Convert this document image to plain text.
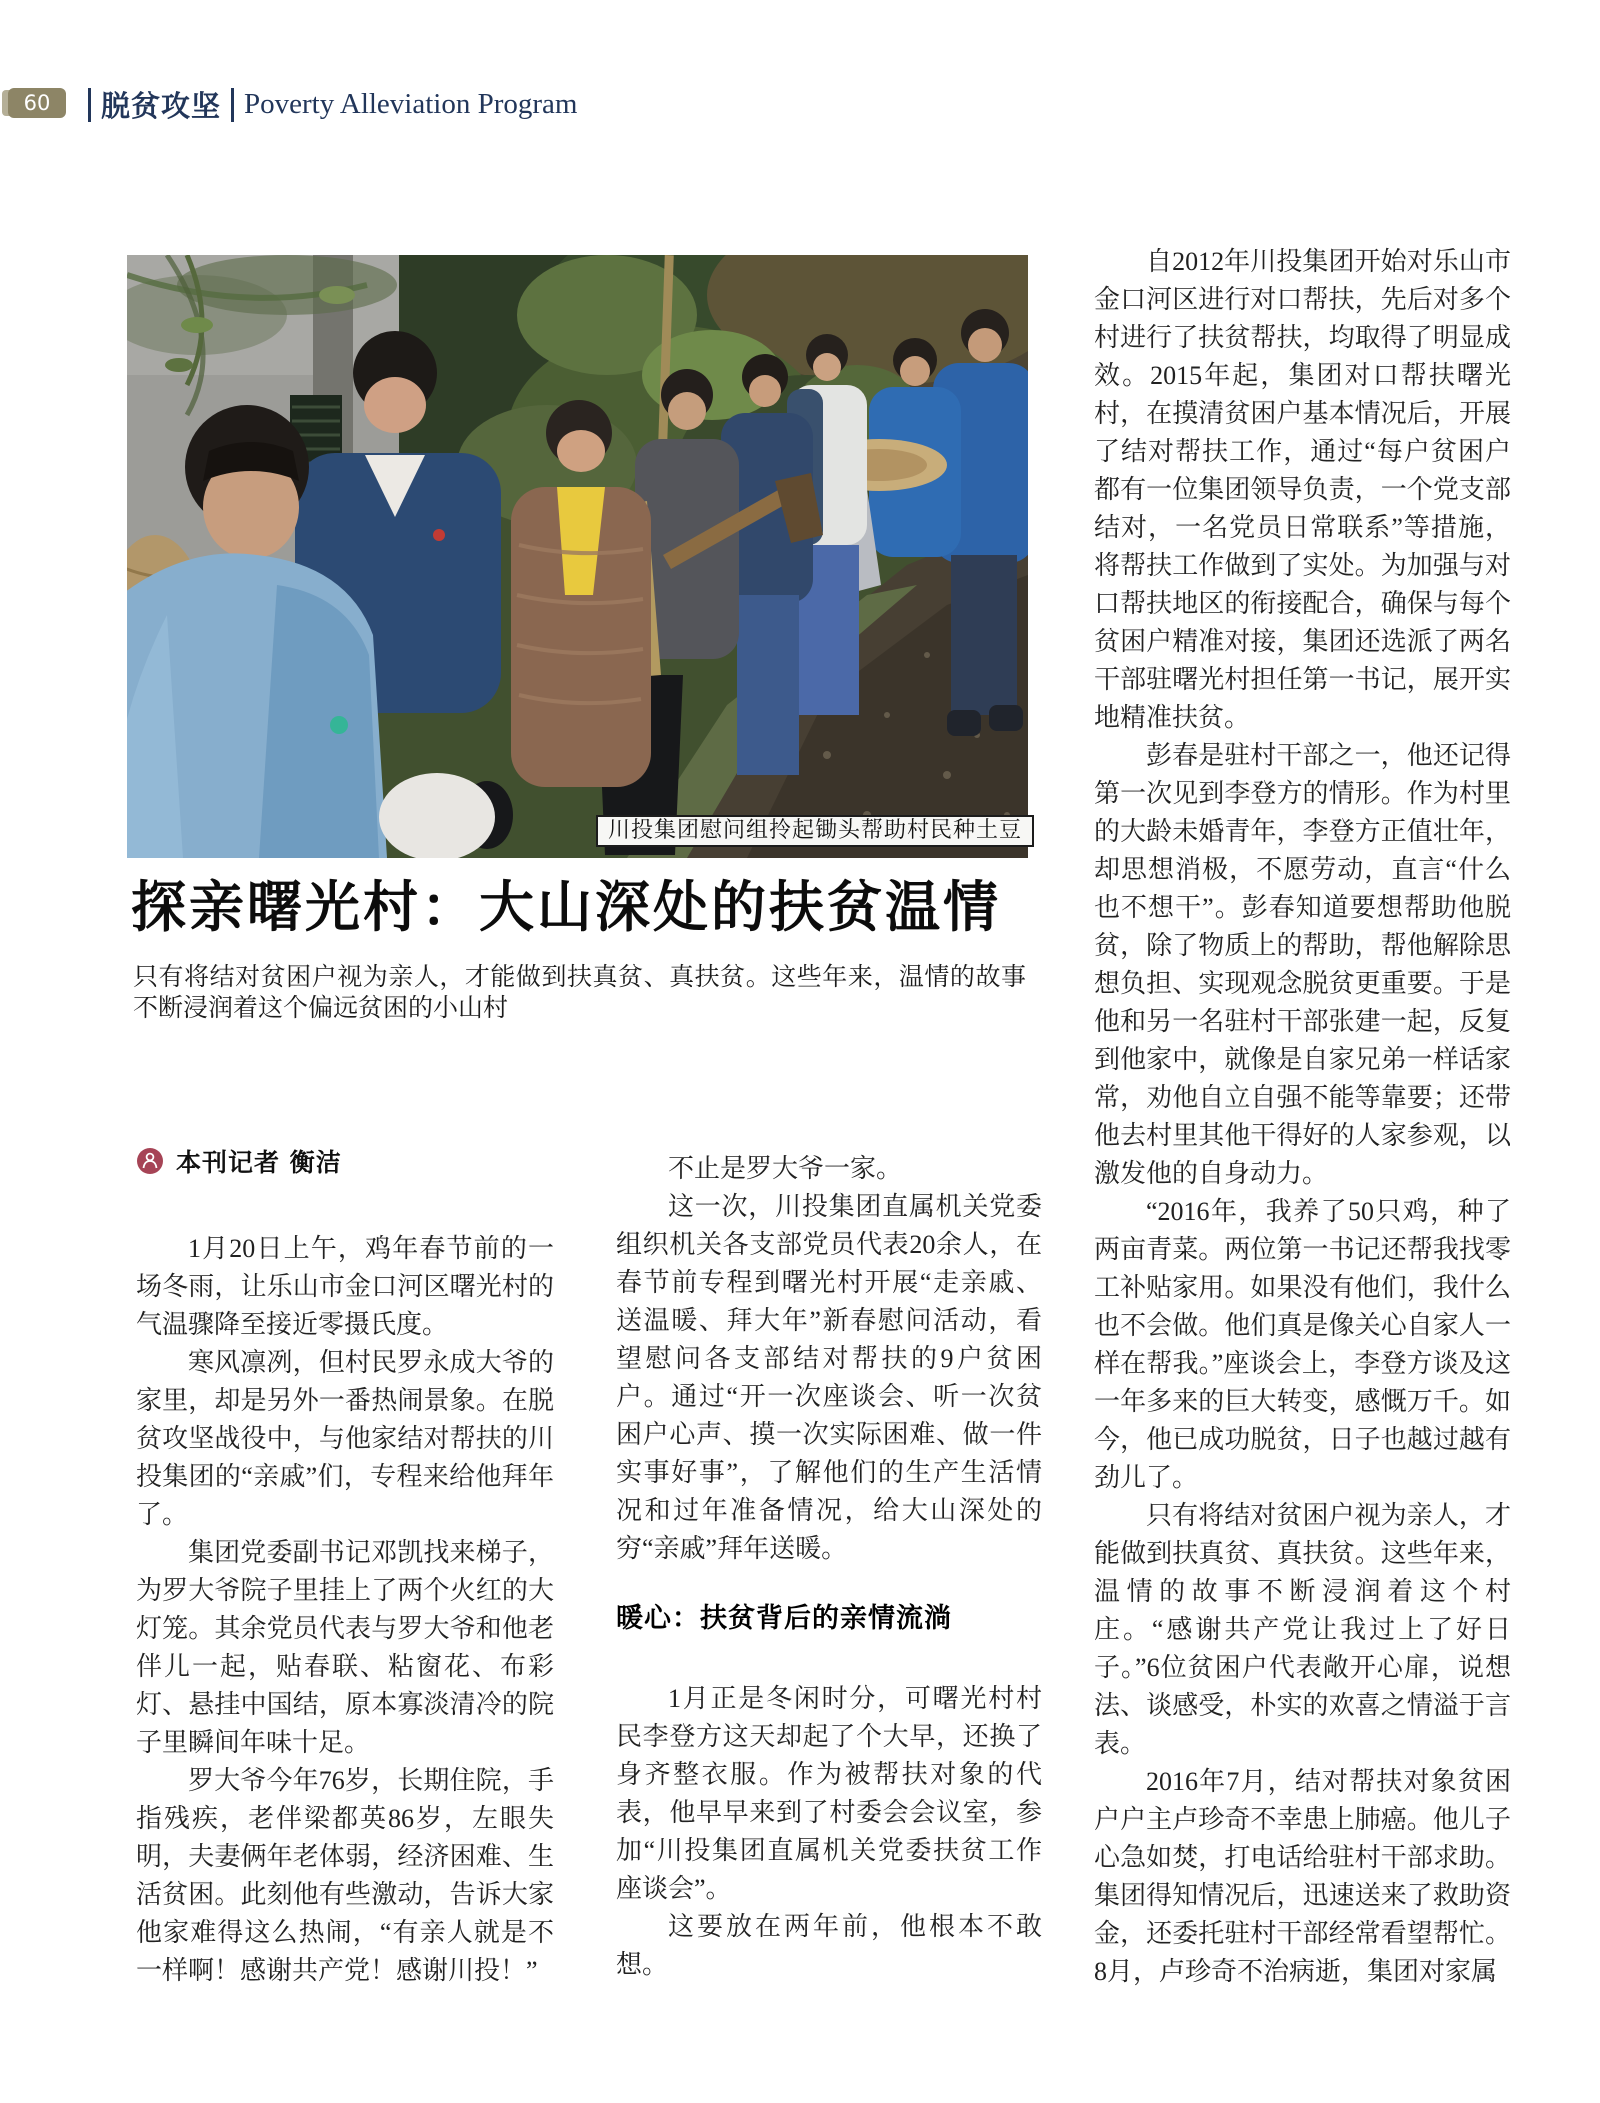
60	脱贫攻坚 Poverty Alleviation Program
川投集团慰问组拎起锄头帮助村民种土豆
探亲曙光村：大山深处的扶贫温情
只有将结对贫困户视为亲人，才能做到扶真贫、真扶贫。这些年来，温情的故事不断浸润着这个偏远贫困的小山村
本刊记者 衡洁

1月20日上午，鸡年春节前的一场冬雨，让乐山市金口河区曙光村的气温骤降至接近零摄氏度。

寒风凛冽，但村民罗永成大爷的家里，却是另外一番热闹景象。在脱贫攻坚战役中，与他家结对帮扶的川投集团的“亲戚”们，专程来给他拜年了。

集团党委副书记邓凯找来梯子，为罗大爷院子里挂上了两个火红的大灯笼。其余党员代表与罗大爷和他老伴儿一起，贴春联、粘窗花、布彩灯、悬挂中国结，原本寡淡清冷的院子里瞬间年味十足。

罗大爷今年76岁，长期住院，手指残疾，老伴梁都英86岁，左眼失明，夫妻俩年老体弱，经济困难、生活贫困。此刻他有些激动，告诉大家他家难得这么热闹，“有亲人就是不一样啊！感谢共产党！感谢川投！”

不止是罗大爷一家。

这一次，川投集团直属机关党委组织机关各支部党员代表20余人，在春节前专程到曙光村开展“走亲戚、送温暖、拜大年”新春慰问活动，看望慰问各支部结对帮扶的9户贫困户。通过“开一次座谈会、听一次贫困户心声、摸一次实际困难、做一件实事好事”，了解他们的生产生活情况和过年准备情况，给大山深处的穷“亲戚”拜年送暖。

暖心：扶贫背后的亲情流淌

1月正是冬闲时分，可曙光村村民李登方这天却起了个大早，还换了身齐整衣服。作为被帮扶对象的代表，他早早来到了村委会会议室，参加“川投集团直属机关党委扶贫工作座谈会”。

这要放在两年前，他根本不敢想。

自2012年川投集团开始对乐山市金口河区进行对口帮扶，先后对多个村进行了扶贫帮扶，均取得了明显成效。2015年起，集团对口帮扶曙光村，在摸清贫困户基本情况后，开展了结对帮扶工作，通过“每户贫困户都有一位集团领导负责，一个党支部结对，一名党员日常联系”等措施，将帮扶工作做到了实处。为加强与对口帮扶地区的衔接配合，确保与每个贫困户精准对接，集团还选派了两名干部驻曙光村担任第一书记，展开实地精准扶贫。

彭春是驻村干部之一，他还记得第一次见到李登方的情形。作为村里的大龄未婚青年，李登方正值壮年，却思想消极，不愿劳动，直言“什么也不想干”。彭春知道要想帮助他脱贫，除了物质上的帮助，帮他解除思想负担、实现观念脱贫更重要。于是他和另一名驻村干部张建一起，反复到他家中，就像是自家兄弟一样话家常，劝他自立自强不能等靠要；还带他去村里其他干得好的人家参观，以激发他的自身动力。

“2016年，我养了50只鸡，种了两亩青菜。两位第一书记还帮我找零工补贴家用。如果没有他们，我什么也不会做。他们真是像关心自家人一样在帮我。”座谈会上，李登方谈及这一年多来的巨大转变，感慨万千。如今，他已成功脱贫，日子也越过越有劲儿了。

只有将结对贫困户视为亲人，才能做到扶真贫、真扶贫。这些年来，温情的故事不断浸润着这个村庄。“感谢共产党让我过上了好日子。”6位贫困户代表敞开心扉，说想法、谈感受，朴实的欢喜之情溢于言表。

2016年7月，结对帮扶对象贫困户户主卢珍奇不幸患上肺癌。他儿子心急如焚，打电话给驻村干部求助。集团得知情况后，迅速送来了救助资金，还委托驻村干部经常看望帮忙。8月，卢珍奇不治病逝，集团对家属
